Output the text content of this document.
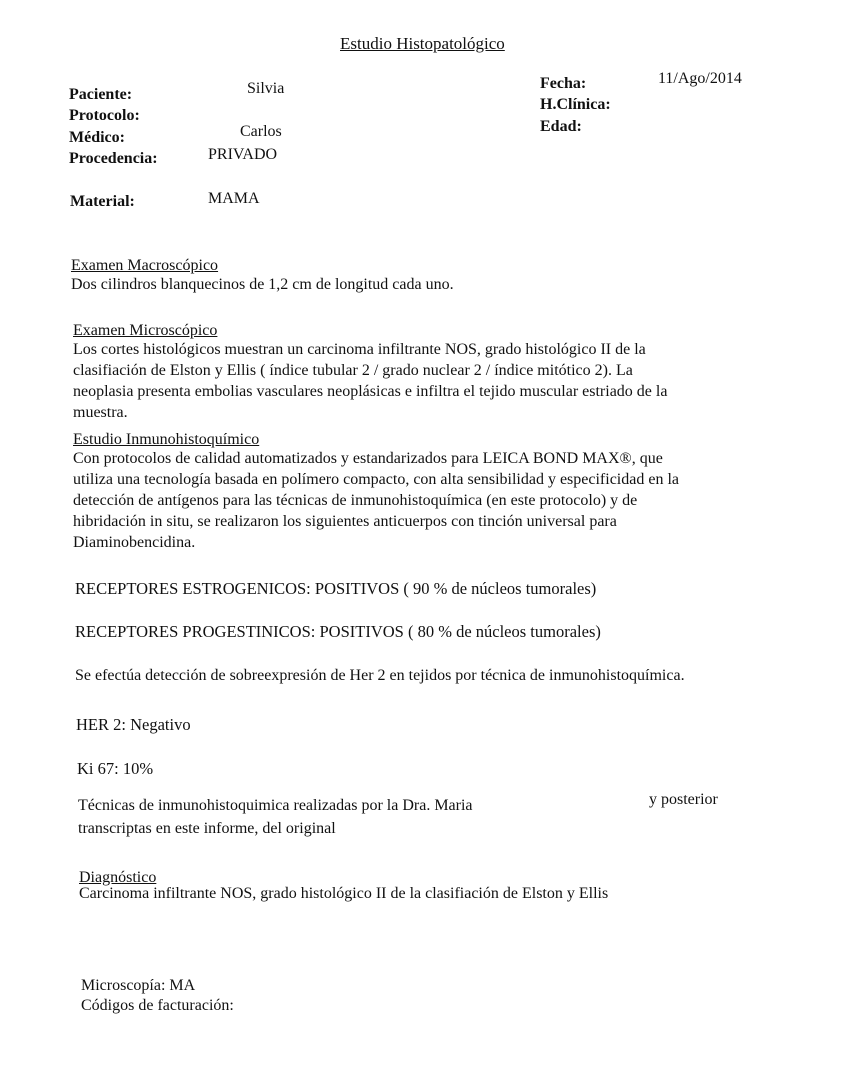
Estudio Histopatológico
Paciente:	Silvia
Protocolo:
Médico:	Carlos
Procedencia:	PRIVADO
Material:	MAMA
Fecha:	11/Ago/2014
H.Clínica:
Edad:
Examen Macroscópico
Dos cilindros blanquecinos de 1,2 cm de longitud cada uno.
Examen Microscópico
Los cortes histológicos muestran un carcinoma infiltrante NOS, grado histológico II de la
clasifiación de Elston y Ellis ( índice tubular 2 / grado nuclear 2 / índice mitótico 2). La
neoplasia presenta embolias vasculares neoplásicas e infiltra el tejido muscular estriado de la
muestra.
Estudio Inmunohistoquímico
Con protocolos de calidad automatizados y estandarizados para LEICA BOND MAX®, que
utiliza una tecnología basada en polímero compacto, con alta sensibilidad y especificidad en la
detección de antígenos para las técnicas de inmunohistoquímica (en este protocolo) y de
hibridación in situ, se realizaron los siguientes anticuerpos con tinción universal para
Diaminobencidina.
RECEPTORES ESTROGENICOS: POSITIVOS ( 90 % de núcleos tumorales)
RECEPTORES PROGESTINICOS: POSITIVOS ( 80 % de núcleos tumorales)
Se efectúa detección de sobreexpresión de Her 2 en tejidos por técnica de inmunohistoquímica.
HER 2: Negativo
Ki 67: 10%
Técnicas de inmunohistoquimica realizadas por la Dra. Maria	y posterior
transcriptas en este informe, del original
Diagnóstico
Carcinoma infiltrante NOS, grado histológico II de la clasifiación de Elston y Ellis
Microscopía: MA
Códigos de facturación:
